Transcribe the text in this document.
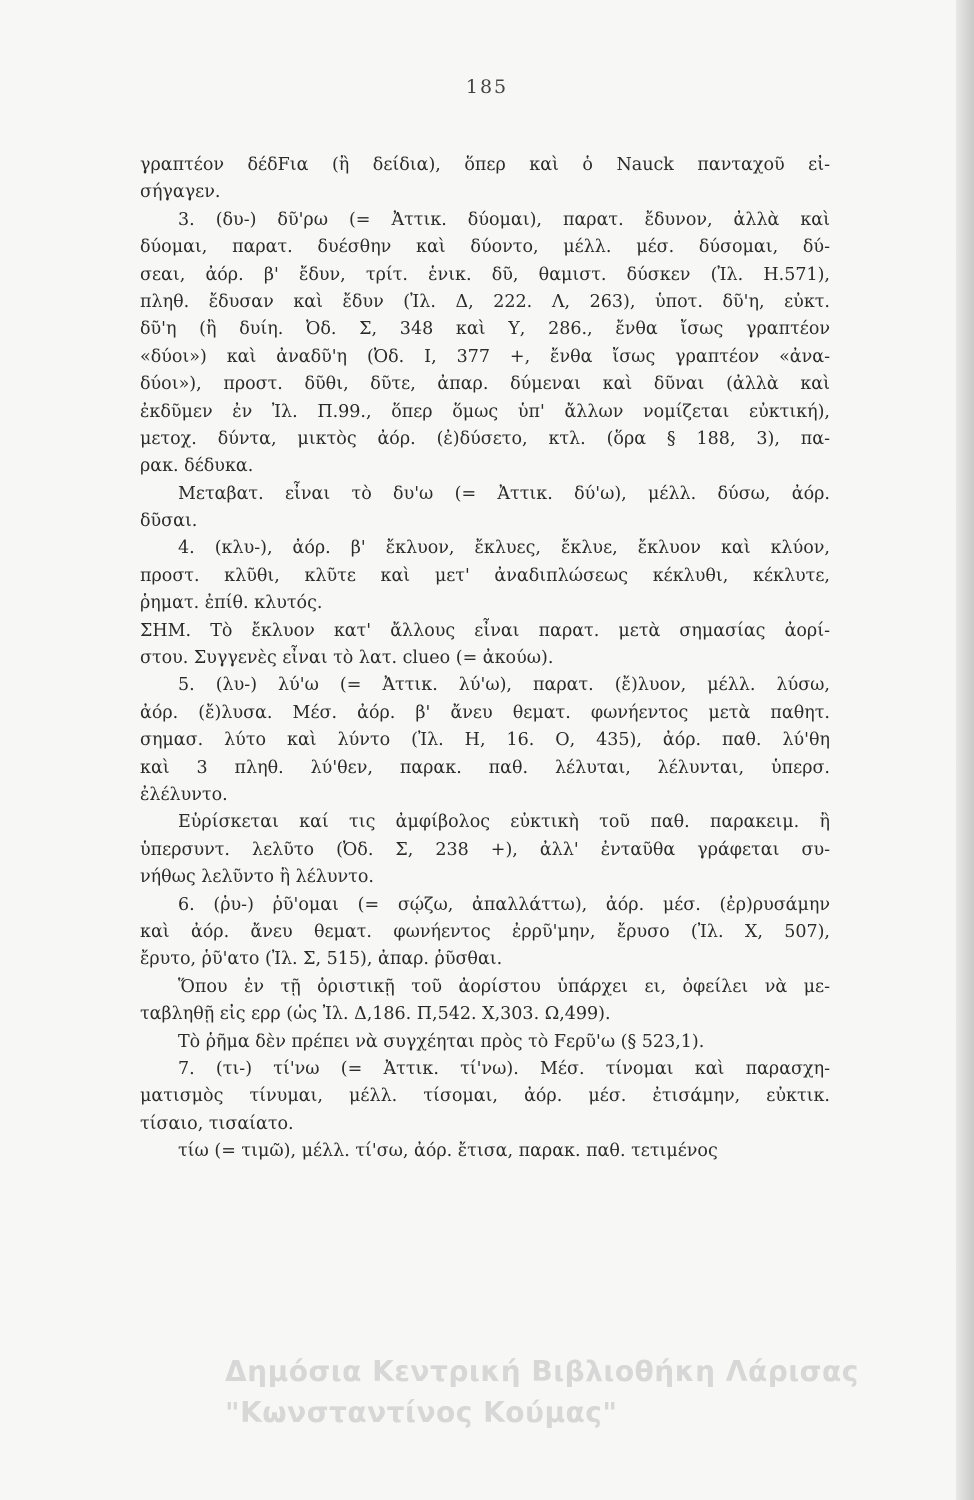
185
γραπτέον δέδFια (ἢ δείδια), ὅπερ καὶ ὁ Nauck πανταχοῦ εἰ-
σήγαγεν.
3. (δυ-) δῦ'ρω (= Ἀττικ. δύομαι), παρατ. ἔδυνον, ἀλλὰ καὶ
δύομαι, παρατ. δυέσθην καὶ δύοντο, μέλλ. μέσ. δύσομαι, δύ-
σεαι, ἀόρ. β' ἔδυν, τρίτ. ἑνικ. δῦ, θαμιστ. δύσκεν (Ἰλ. Η.571),
πληθ. ἔδυσαν καὶ ἔδυν (Ἰλ. Δ, 222. Λ, 263), ὑποτ. δῦ'η, εὐκτ.
δῦ'η (ἢ δυίη. Ὀδ. Σ, 348 καὶ Υ, 286., ἔνθα ἴσως γραπτέον
«δύοι») καὶ ἀναδῦ'η (Ὀδ. Ι, 377 +, ἔνθα ἴσως γραπτέον «ἀνα-
δύοι»), προστ. δῦθι, δῦτε, ἀπαρ. δύμεναι καὶ δῦναι (ἀλλὰ καὶ
ἐκδῦμεν ἐν Ἰλ. Π.99., ὅπερ ὅμως ὑπ' ἄλλων νομίζεται εὐκτική),
μετοχ. δύντα, μικτὸς ἀόρ. (ἐ)δύσετο, κτλ. (ὅρα § 188, 3), πα-
ρακ. δέδυκα.
Μεταβατ. εἶναι τὸ δυ'ω (= Ἀττικ. δύ'ω), μέλλ. δύσω, ἀόρ.
δῦσαι.
4. (κλυ-), ἀόρ. β' ἔκλυον, ἔκλυες, ἔκλυε, ἔκλυον καὶ κλύον,
προστ. κλῦθι, κλῦτε καὶ μετ' ἀναδιπλώσεως κέκλυθι, κέκλυτε,
ῥηματ. ἐπίθ. κλυτός.
ΣΗΜ. Τὸ ἔκλυον κατ' ἄλλους εἶναι παρατ. μετὰ σημασίας ἀορί-
στου. Συγγενὲς εἶναι τὸ λατ. clueo (= ἀκούω).
5. (λυ-) λύ'ω (= Ἀττικ. λύ'ω), παρατ. (ἔ)λυον, μέλλ. λύσω,
ἀόρ. (ἔ)λυσα. Μέσ. ἀόρ. β' ἄνευ θεματ. φωνήεντος μετὰ παθητ.
σημασ. λύτο καὶ λύντο (Ἰλ. Η, 16. Ο, 435), ἀόρ. παθ. λύ'θη
καὶ 3 πληθ. λύ'θεν, παρακ. παθ. λέλυται, λέλυνται, ὑπερσ.
ἐλέλυντο.
Εὑρίσκεται καί τις ἀμφίβολος εὐκτικὴ τοῦ παθ. παρακειμ. ἢ
ὑπερσυντ. λελῦτο (Ὀδ. Σ, 238 +), ἀλλ' ἐνταῦθα γράφεται συ-
νήθως λελῦντο ἢ λέλυντο.
6. (ῥυ-) ῥῦ'ομαι (= σῴζω, ἀπαλλάττω), ἀόρ. μέσ. (ἐρ)ρυσάμην
καὶ ἀόρ. ἄνευ θεματ. φωνήεντος ἐρρῦ'μην, ἔρυσο (Ἰλ. Χ, 507),
ἔρυτο, ῥῦ'ατο (Ἰλ. Σ, 515), ἀπαρ. ῥῦσθαι.
Ὅπου ἐν τῇ ὁριστικῇ τοῦ ἀορίστου ὑπάρχει ει, ὀφείλει νὰ με-
ταβληθῇ εἰς ερρ (ὡς Ἰλ. Δ,186. Π,542. Χ,303. Ω,499).
Τὸ ῥῆμα δὲν πρέπει νὰ συγχέηται πρὸς τὸ Fερῦ'ω (§ 523,1).
7. (τι-) τί'νω (= Ἀττικ. τί'νω). Μέσ. τίνομαι καὶ παρασχη-
ματισμὸς τίνυμαι, μέλλ. τίσομαι, ἀόρ. μέσ. ἐτισάμην, εὐκτικ.
τίσαιο, τισαίατο.
τίω (= τιμῶ), μέλλ. τί'σω, ἀόρ. ἔτισα, παρακ. παθ. τετιμένος
Δημόσια Κεντρική Βιβλιοθήκη Λάρισας
"Κωνσταντίνος Κούμας"
